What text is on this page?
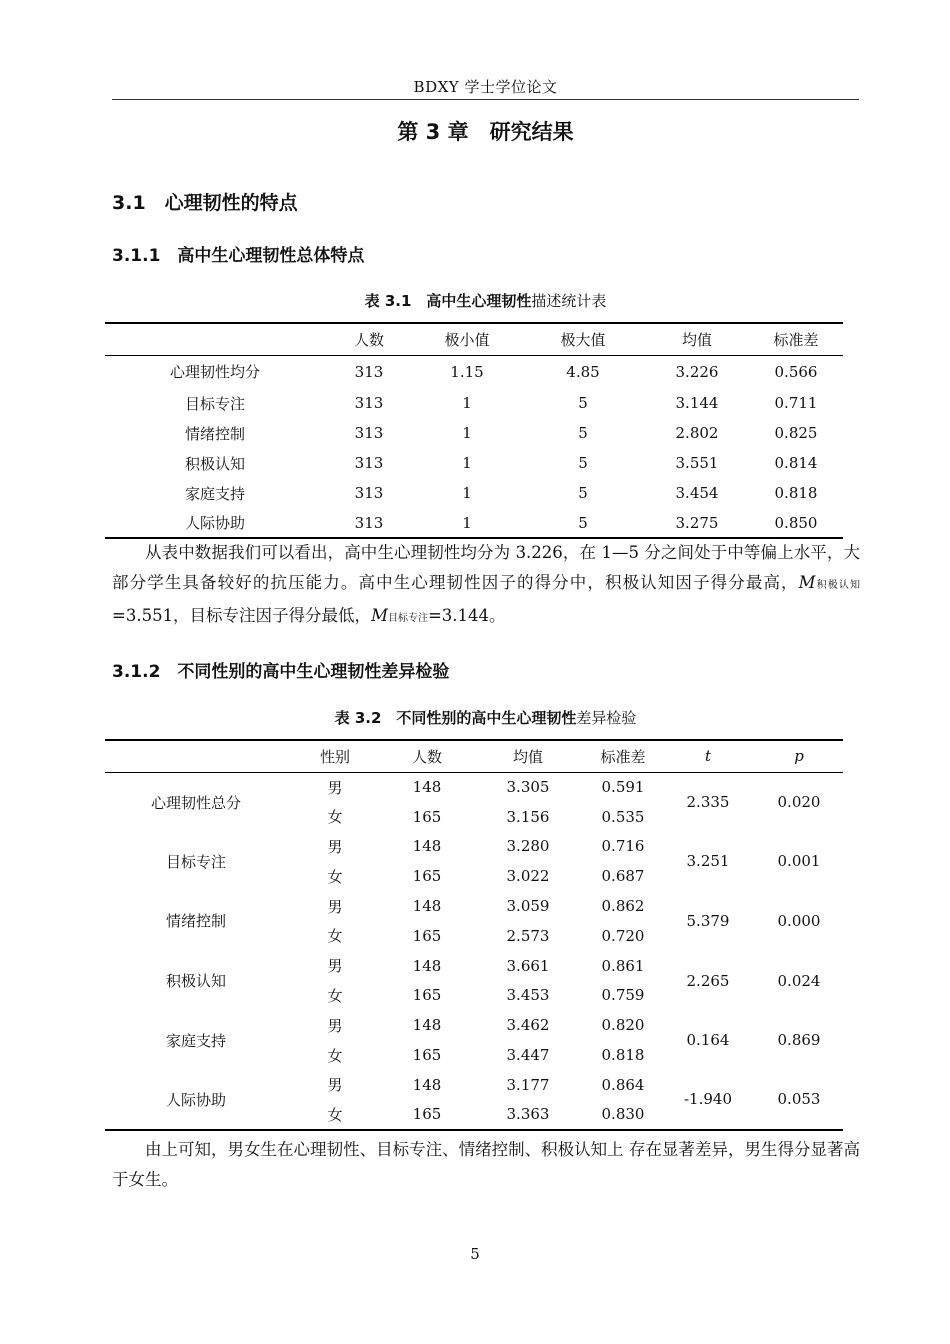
BDXY 学士学位论文
第 3 章　研究结果
3.1　心理韧性的特点
3.1.1　高中生心理韧性总体特点
表 3.1　高中生心理韧性描述统计表
	人数	极小值	极大值	均值	标准差
心理韧性均分	313	1.15	4.85	3.226	0.566
目标专注	313	1	5	3.144	0.711
情绪控制	313	1	5	2.802	0.825
积极认知	313	1	5	3.551	0.814
家庭支持	313	1	5	3.454	0.818
人际协助	313	1	5	3.275	0.850
从表中数据我们可以看出，高中生心理韧性均分为 3.226，在 1—5 分之间处于中等偏上水平，大部分学生具备较好的抗压能力。高中生心理韧性因子的得分中，积极认知因子得分最高，M积极认知=3.551，目标专注因子得分最低，M目标专注=3.144。
3.1.2　不同性别的高中生心理韧性差异检验
表 3.2　不同性别的高中生心理韧性差异检验
	性别	人数	均值	标准差	t	p
心理韧性总分	男	148	3.305	0.591	2.335	0.020
	女	165	3.156	0.535		
目标专注	男	148	3.280	0.716	3.251	0.001
	女	165	3.022	0.687		
情绪控制	男	148	3.059	0.862	5.379	0.000
	女	165	2.573	0.720		
积极认知	男	148	3.661	0.861	2.265	0.024
	女	165	3.453	0.759		
家庭支持	男	148	3.462	0.820	0.164	0.869
	女	165	3.447	0.818		
人际协助	男	148	3.177	0.864	-1.940	0.053
	女	165	3.363	0.830		
由上可知，男女生在心理韧性、目标专注、情绪控制、积极认知上 存在显著差异，男生得分显著高于女生。
5
